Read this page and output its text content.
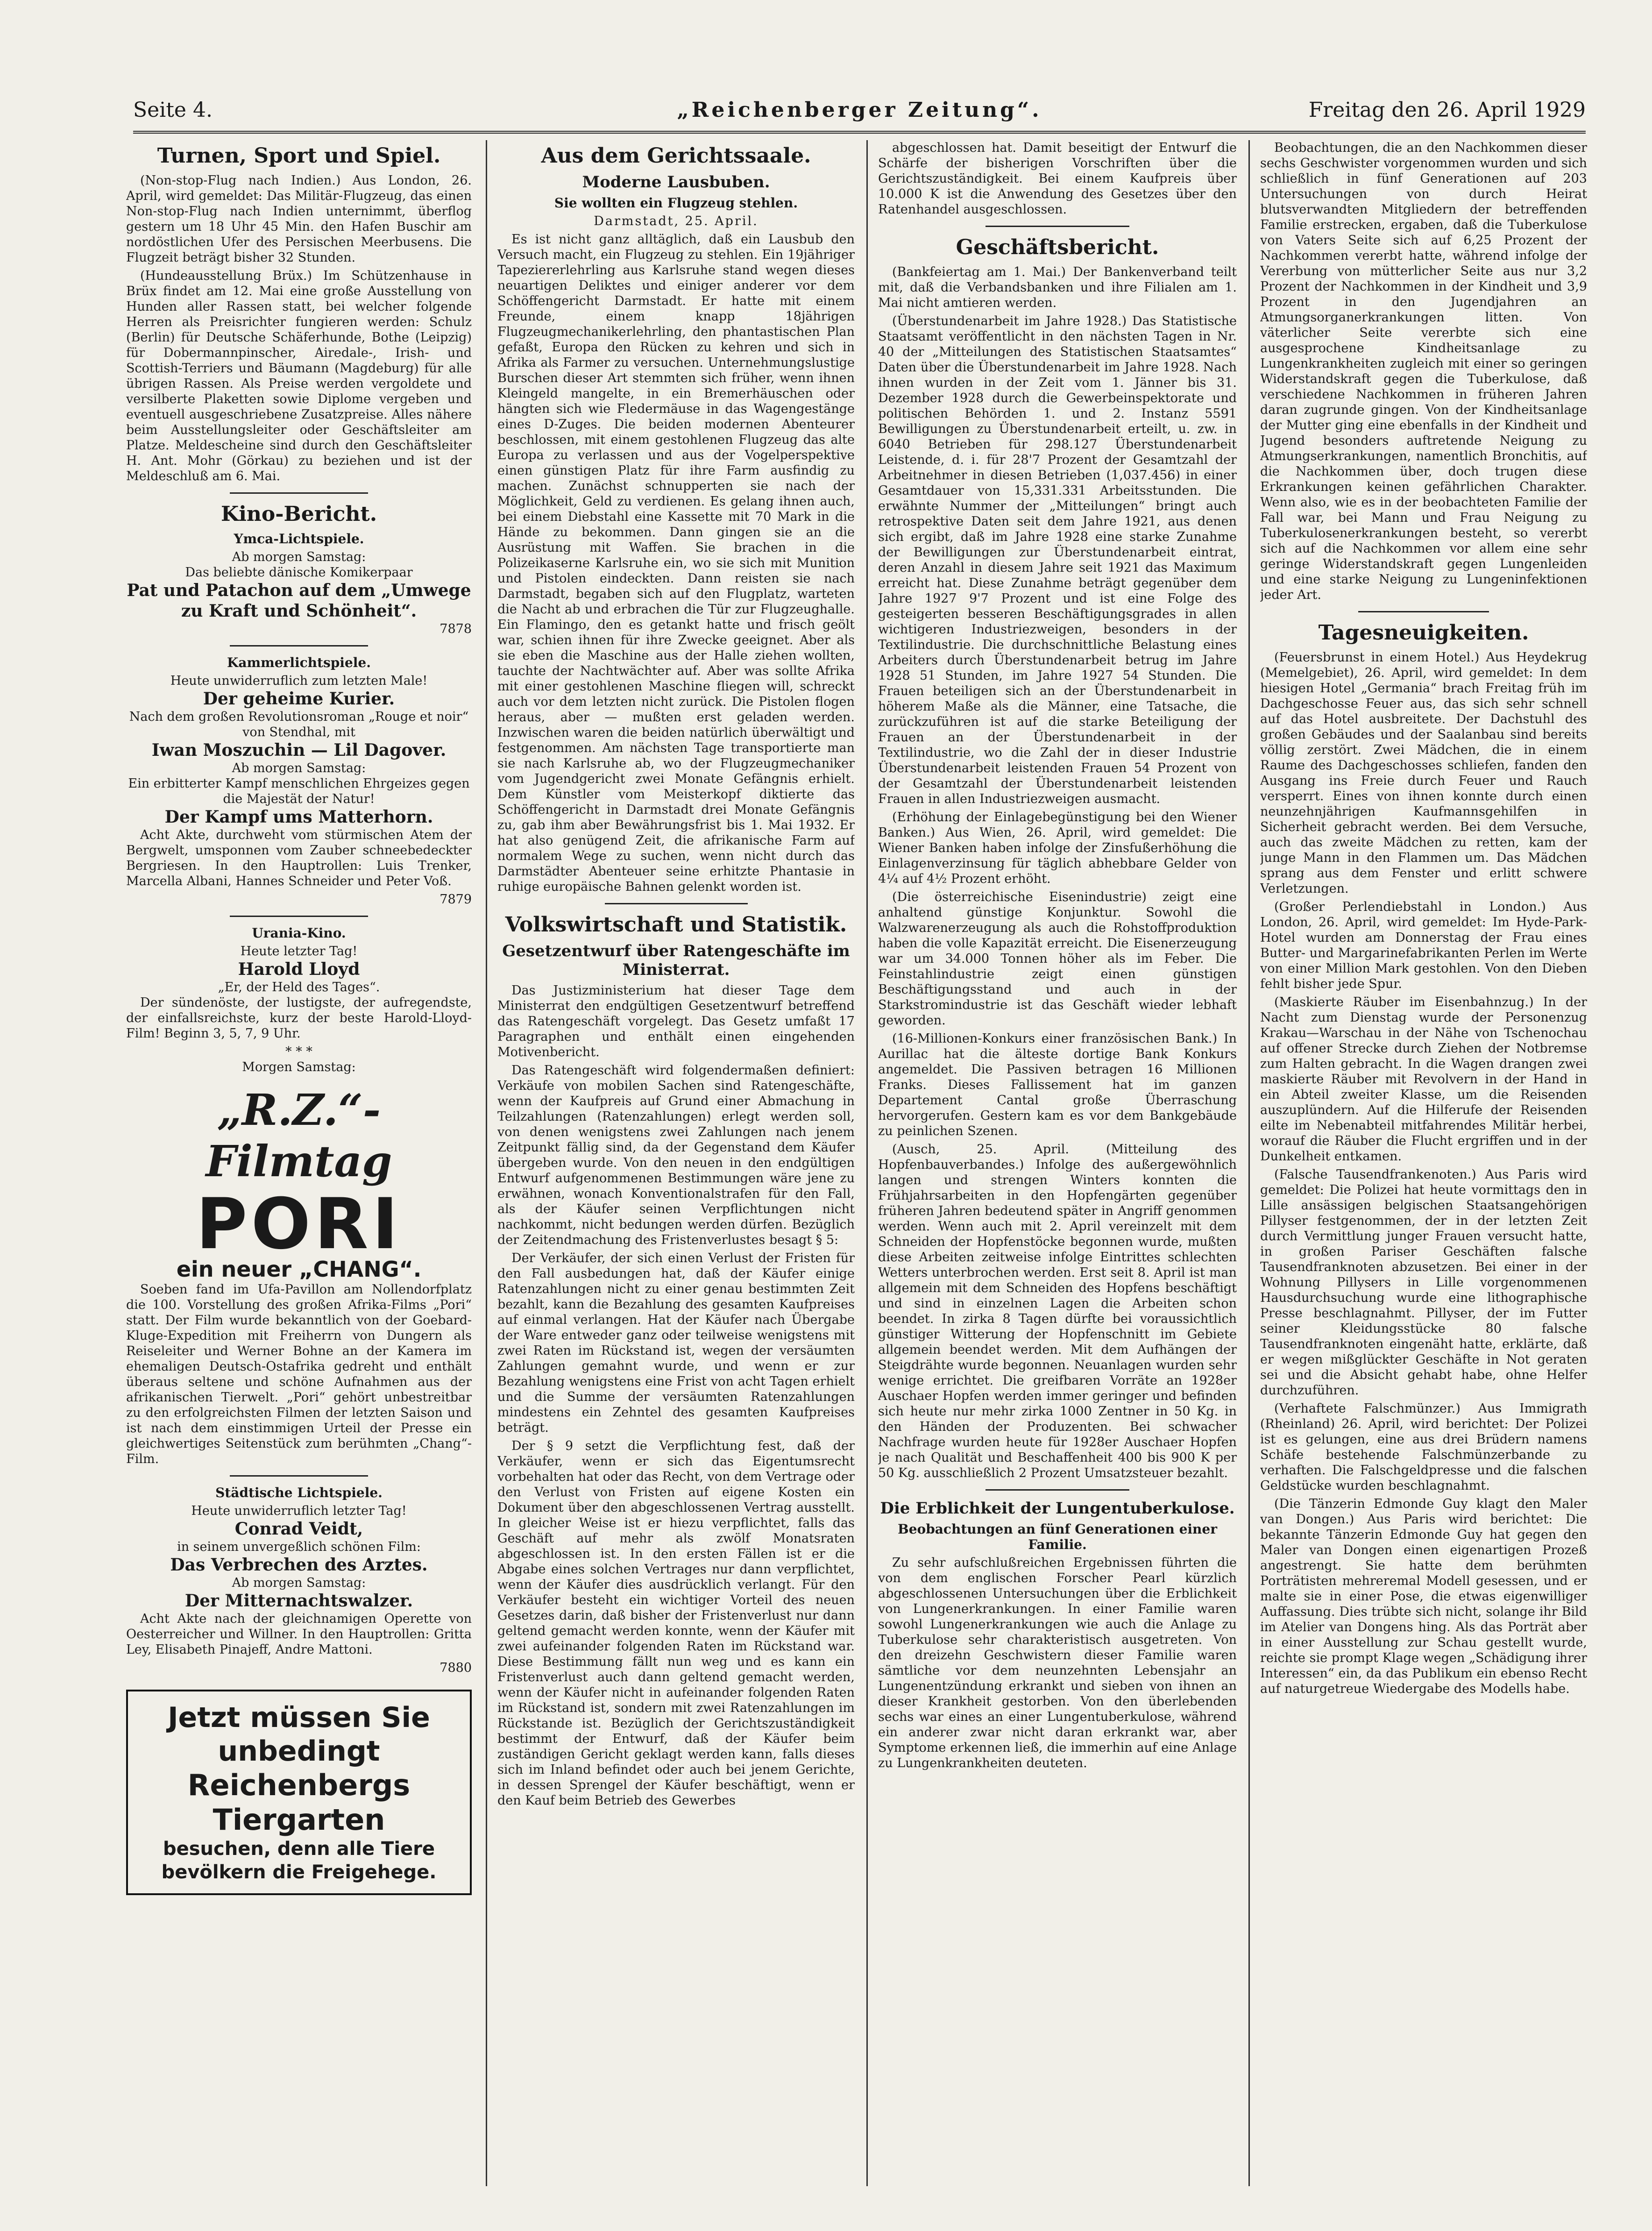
Seite 4.	„Reichenberger Zeitung“.	Freitag den 26. April 1929
Turnen, Sport und Spiel.

(Non-stop-Flug nach Indien.) Aus London, 26. April, wird gemeldet: Das Militär-Flugzeug, das einen Non-stop-Flug nach Indien unternimmt, überflog gestern um 18 Uhr 45 Min. den Hafen Buschir am nordöstlichen Ufer des Persischen Meerbusens. Die Flugzeit beträgt bisher 32 Stunden.

(Hundeausstellung Brüx.) Im Schützenhause in Brüx findet am 12. Mai eine große Ausstellung von Hunden aller Rassen statt, bei welcher folgende Herren als Preisrichter fungieren werden: Schulz (Berlin) für Deutsche Schäferhunde, Bothe (Leipzig) für Dobermannpinscher, Airedale-, Irish- und Scottish-Terriers und Bäumann (Magdeburg) für alle übrigen Rassen. Als Preise werden vergoldete und versilberte Plaketten sowie Diplome vergeben und eventuell ausgeschriebene Zusatzpreise. Alles nähere beim Ausstellungsleiter oder Geschäftsleiter am Platze. Meldescheine sind durch den Geschäftsleiter H. Ant. Mohr (Görkau) zu beziehen und ist der Meldeschluß am 6. Mai.

Kino-Bericht.
Ymca-Lichtspiele.
Ab morgen Samstag:
Das beliebte dänische Komikerpaar
Pat und Patachon auf dem „Umwege zu Kraft und Schönheit“.
7878
Kammerlichtspiele.
Heute unwiderruflich zum letzten Male!
Der geheime Kurier.
Nach dem großen Revolutionsroman „Rouge et noir“ von Stendhal, mit
Iwan Moszuchin — Lil Dagover.
Ab morgen Samstag:
Ein erbitterter Kampf menschlichen Ehrgeizes gegen die Majestät der Natur!
Der Kampf ums Matterhorn.

Acht Akte, durchweht vom stürmischen Atem der Bergwelt, umsponnen vom Zauber schneebedeckter Bergriesen. In den Hauptrollen: Luis Trenker, Marcella Albani, Hannes Schneider und Peter Voß.

7879
Urania-Kino.
Heute letzter Tag!
Harold Lloyd
„Er, der Held des Tages“.

Der sündenöste, der lustigste, der aufregendste, der einfallsreichste, kurz der beste Harold-Lloyd-Film! Beginn 3, 5, 7, 9 Uhr.

* * *
Morgen Samstag:
„R.Z.“-Filmtag
PORI
ein neuer „CHANG“.

Soeben fand im Ufa-Pavillon am Nollendorfplatz die 100. Vorstellung des großen Afrika-Films „Pori“ statt. Der Film wurde bekanntlich von der Goebard-Kluge-Expedition mit Freiherrn von Dungern als Reiseleiter und Werner Bohne an der Kamera im ehemaligen Deutsch-Ostafrika gedreht und enthält überaus seltene und schöne Aufnahmen aus der afrikanischen Tierwelt. „Pori“ gehört unbestreitbar zu den erfolgreichsten Filmen der letzten Saison und ist nach dem einstimmigen Urteil der Presse ein gleichwertiges Seitenstück zum berühmten „Chang“-Film.

Städtische Lichtspiele.
Heute unwiderruflich letzter Tag!
Conrad Veidt,
in seinem unvergeßlich schönen Film:
Das Verbrechen des Arztes.
Ab morgen Samstag:
Der Mitternachtswalzer.

Acht Akte nach der gleichnamigen Operette von Oesterreicher und Willner. In den Hauptrollen: Gritta Ley, Elisabeth Pinajeff, Andre Mattoni.

7880
Jetzt müssen Sie unbedingt
Reichenbergs Tiergarten
besuchen, denn alle Tiere bevölkern die Freigehege.
Aus dem Gerichtssaale.
Moderne Lausbuben.
Sie wollten ein Flugzeug stehlen.
Darmstadt, 25. April.

Es ist nicht ganz alltäglich, daß ein Lausbub den Versuch macht, ein Flugzeug zu stehlen. Ein 19jähriger Tapeziererlehrling aus Karlsruhe stand wegen dieses neuartigen Deliktes und einiger anderer vor dem Schöffengericht Darmstadt. Er hatte mit einem Freunde, einem knapp 18jährigen Flugzeugmechanikerlehrling, den phantastischen Plan gefaßt, Europa den Rücken zu kehren und sich in Afrika als Farmer zu versuchen. Unternehmungslustige Burschen dieser Art stemmten sich früher, wenn ihnen Kleingeld mangelte, in ein Bremerhäuschen oder hängten sich wie Fledermäuse in das Wagengestänge eines D-Zuges. Die beiden modernen Abenteurer beschlossen, mit einem gestohlenen Flugzeug das alte Europa zu verlassen und aus der Vogelperspektive einen günstigen Platz für ihre Farm ausfindig zu machen. Zunächst schnupperten sie nach der Möglichkeit, Geld zu verdienen. Es gelang ihnen auch, bei einem Diebstahl eine Kassette mit 70 Mark in die Hände zu bekommen. Dann gingen sie an die Ausrüstung mit Waffen. Sie brachen in die Polizeikaserne Karlsruhe ein, wo sie sich mit Munition und Pistolen eindeckten. Dann reisten sie nach Darmstadt, begaben sich auf den Flugplatz, warteten die Nacht ab und erbrachen die Tür zur Flugzeughalle. Ein Flamingo, den es getankt hatte und frisch geölt war, schien ihnen für ihre Zwecke geeignet. Aber als sie eben die Maschine aus der Halle ziehen wollten, tauchte der Nachtwächter auf. Aber was sollte Afrika mit einer gestohlenen Maschine fliegen will, schreckt auch vor dem letzten nicht zurück. Die Pistolen flogen heraus, aber — mußten erst geladen werden. Inzwischen waren die beiden natürlich überwältigt und festgenommen. Am nächsten Tage transportierte man sie nach Karlsruhe ab, wo der Flugzeugmechaniker vom Jugendgericht zwei Monate Gefängnis erhielt. Dem Künstler vom Meisterkopf diktierte das Schöffengericht in Darmstadt drei Monate Gefängnis zu, gab ihm aber Bewährungsfrist bis 1. Mai 1932. Er hat also genügend Zeit, die afrikanische Farm auf normalem Wege zu suchen, wenn nicht durch das Darmstädter Abenteuer seine erhitzte Phantasie in ruhige europäische Bahnen gelenkt worden ist.

Volkswirtschaft und Statistik.
Gesetzentwurf über Ratengeschäfte im Ministerrat.

Das Justizministerium hat dieser Tage dem Ministerrat den endgültigen Gesetzentwurf betreffend das Ratengeschäft vorgelegt. Das Gesetz umfaßt 17 Paragraphen und enthält einen eingehenden Motivenbericht.

Das Ratengeschäft wird folgendermaßen definiert: Verkäufe von mobilen Sachen sind Ratengeschäfte, wenn der Kaufpreis auf Grund einer Abmachung in Teilzahlungen (Ratenzahlungen) erlegt werden soll, von denen wenigstens zwei Zahlungen nach jenem Zeitpunkt fällig sind, da der Gegenstand dem Käufer übergeben wurde. Von den neuen in den endgültigen Entwurf aufgenommenen Bestimmungen wäre jene zu erwähnen, wonach Konventionalstrafen für den Fall, als der Käufer seinen Verpflichtungen nicht nachkommt, nicht bedungen werden dürfen. Bezüglich der Zeitendmachung des Fristenverlustes besagt § 5:

Der Verkäufer, der sich einen Verlust der Fristen für den Fall ausbedungen hat, daß der Käufer einige Ratenzahlungen nicht zu einer genau bestimmten Zeit bezahlt, kann die Bezahlung des gesamten Kaufpreises auf einmal verlangen. Hat der Käufer nach Übergabe der Ware entweder ganz oder teilweise wenigstens mit zwei Raten im Rückstand ist, wegen der versäumten Zahlungen gemahnt wurde, und wenn er zur Bezahlung wenigstens eine Frist von acht Tagen erhielt und die Summe der versäumten Ratenzahlungen mindestens ein Zehntel des gesamten Kaufpreises beträgt.

Der § 9 setzt die Verpflichtung fest, daß der Verkäufer, wenn er sich das Eigentumsrecht vorbehalten hat oder das Recht, von dem Vertrage oder den Verlust von Fristen auf eigene Kosten ein Dokument über den abgeschlossenen Vertrag ausstellt. In gleicher Weise ist er hiezu verpflichtet, falls das Geschäft auf mehr als zwölf Monatsraten abgeschlossen ist. In den ersten Fällen ist er die Abgabe eines solchen Vertrages nur dann verpflichtet, wenn der Käufer dies ausdrücklich verlangt. Für den Verkäufer besteht ein wichtiger Vorteil des neuen Gesetzes darin, daß bisher der Fristenverlust nur dann geltend gemacht werden konnte, wenn der Käufer mit zwei aufeinander folgenden Raten im Rückstand war. Diese Bestimmung fällt nun weg und es kann ein Fristenverlust auch dann geltend gemacht werden, wenn der Käufer nicht in aufeinander folgenden Raten im Rückstand ist, sondern mit zwei Ratenzahlungen im Rückstande ist. Bezüglich der Gerichtszuständigkeit bestimmt der Entwurf, daß der Käufer beim zuständigen Gericht geklagt werden kann, falls dieses sich im Inland befindet oder auch bei jenem Gerichte, in dessen Sprengel der Käufer beschäftigt, wenn er den Kauf beim Betrieb des Gewerbes

abgeschlossen hat. Damit beseitigt der Entwurf die Schärfe der bisherigen Vorschriften über die Gerichtszuständigkeit. Bei einem Kaufpreis über 10.000 K ist die Anwendung des Gesetzes über den Ratenhandel ausgeschlossen.

Geschäftsbericht.

(Bankfeiertag am 1. Mai.) Der Bankenverband teilt mit, daß die Verbandsbanken und ihre Filialen am 1. Mai nicht amtieren werden.

(Überstundenarbeit im Jahre 1928.) Das Statistische Staatsamt veröffentlicht in den nächsten Tagen in Nr. 40 der „Mitteilungen des Statistischen Staatsamtes“ Daten über die Überstundenarbeit im Jahre 1928. Nach ihnen wurden in der Zeit vom 1. Jänner bis 31. Dezember 1928 durch die Gewerbeinspektorate und politischen Behörden 1. und 2. Instanz 5591 Bewilligungen zu Überstundenarbeit erteilt, u. zw. in 6040 Betrieben für 298.127 Überstundenarbeit Leistende, d. i. für 28'7 Prozent der Gesamtzahl der Arbeitnehmer in diesen Betrieben (1,037.456) in einer Gesamtdauer von 15,331.331 Arbeitsstunden. Die erwähnte Nummer der „Mitteilungen“ bringt auch retrospektive Daten seit dem Jahre 1921, aus denen sich ergibt, daß im Jahre 1928 eine starke Zunahme der Bewilligungen zur Überstundenarbeit eintrat, deren Anzahl in diesem Jahre seit 1921 das Maximum erreicht hat. Diese Zunahme beträgt gegenüber dem Jahre 1927 9'7 Prozent und ist eine Folge des gesteigerten besseren Beschäftigungsgrades in allen wichtigeren Industriezweigen, besonders in der Textilindustrie. Die durchschnittliche Belastung eines Arbeiters durch Überstundenarbeit betrug im Jahre 1928 51 Stunden, im Jahre 1927 54 Stunden. Die Frauen beteiligen sich an der Überstundenarbeit in höherem Maße als die Männer, eine Tatsache, die zurückzuführen ist auf die starke Beteiligung der Frauen an der Überstundenarbeit in der Textilindustrie, wo die Zahl der in dieser Industrie Überstundenarbeit leistenden Frauen 54 Prozent von der Gesamtzahl der Überstundenarbeit leistenden Frauen in allen Industriezweigen ausmacht.

(Erhöhung der Einlagebegünstigung bei den Wiener Banken.) Aus Wien, 26. April, wird gemeldet: Die Wiener Banken haben infolge der Zinsfußerhöhung die Einlagenverzinsung für täglich abhebbare Gelder von 4¼ auf 4½ Prozent erhöht.

(Die österreichische Eisenindustrie) zeigt eine anhaltend günstige Konjunktur. Sowohl die Walzwarenerzeugung als auch die Rohstoffproduktion haben die volle Kapazität erreicht. Die Eisenerzeugung war um 34.000 Tonnen höher als im Feber. Die Feinstahlindustrie zeigt einen günstigen Beschäftigungsstand und auch in der Starkstromindustrie ist das Geschäft wieder lebhaft geworden.

(16-Millionen-Konkurs einer französischen Bank.) In Aurillac hat die älteste dortige Bank Konkurs angemeldet. Die Passiven betragen 16 Millionen Franks. Dieses Fallissement hat im ganzen Departement Cantal große Überraschung hervorgerufen. Gestern kam es vor dem Bankgebäude zu peinlichen Szenen.

(Ausch, 25. April. (Mitteilung des Hopfenbauverbandes.) Infolge des außergewöhnlich langen und strengen Winters konnten die Frühjahrsarbeiten in den Hopfengärten gegenüber früheren Jahren bedeutend später in Angriff genommen werden. Wenn auch mit 2. April vereinzelt mit dem Schneiden der Hopfenstöcke begonnen wurde, mußten diese Arbeiten zeitweise infolge Eintrittes schlechten Wetters unterbrochen werden. Erst seit 8. April ist man allgemein mit dem Schneiden des Hopfens beschäftigt und sind in einzelnen Lagen die Arbeiten schon beendet. In zirka 8 Tagen dürfte bei voraussichtlich günstiger Witterung der Hopfenschnitt im Gebiete allgemein beendet werden. Mit dem Aufhängen der Steigdrähte wurde begonnen. Neuanlagen wurden sehr wenige errichtet. Die greifbaren Vorräte an 1928er Auschaer Hopfen werden immer geringer und befinden sich heute nur mehr zirka 1000 Zentner in 50 Kg. in den Händen der Produzenten. Bei schwacher Nachfrage wurden heute für 1928er Auschaer Hopfen je nach Qualität und Beschaffenheit 400 bis 900 K per 50 Kg. ausschließlich 2 Prozent Umsatzsteuer bezahlt.

Die Erblichkeit der Lungentuberkulose.
Beobachtungen an fünf Generationen einer Familie.

Zu sehr aufschlußreichen Ergebnissen führten die von dem englischen Forscher Pearl kürzlich abgeschlossenen Untersuchungen über die Erblichkeit von Lungenerkrankungen. In einer Familie waren sowohl Lungenerkrankungen wie auch die Anlage zu Tuberkulose sehr charakteristisch ausgetreten. Von den dreizehn Geschwistern dieser Familie waren sämtliche vor dem neunzehnten Lebensjahr an Lungenentzündung erkrankt und sieben von ihnen an dieser Krankheit gestorben. Von den überlebenden sechs war eines an einer Lungentuberkulose, während ein anderer zwar nicht daran erkrankt war, aber Symptome erkennen ließ, die immerhin auf eine Anlage zu Lungenkrankheiten deuteten.

Beobachtungen, die an den Nachkommen dieser sechs Geschwister vorgenommen wurden und sich schließlich in fünf Generationen auf 203 Untersuchungen von durch Heirat blutsverwandten Mitgliedern der betreffenden Familie erstrecken, ergaben, daß die Tuberkulose von Vaters Seite sich auf 6,25 Prozent der Nachkommen vererbt hatte, während infolge der Vererbung von mütterlicher Seite aus nur 3,2 Prozent der Nachkommen in der Kindheit und 3,9 Prozent in den Jugendjahren an Atmungsorganerkrankungen litten. Von väterlicher Seite vererbte sich eine ausgesprochene Kindheitsanlage zu Lungenkrankheiten zugleich mit einer so geringen Widerstandskraft gegen die Tuberkulose, daß verschiedene Nachkommen in früheren Jahren daran zugrunde gingen. Von der Kindheitsanlage der Mutter ging eine ebenfalls in der Kindheit und Jugend besonders auftretende Neigung zu Atmungserkrankungen, namentlich Bronchitis, auf die Nachkommen über, doch trugen diese Erkrankungen keinen gefährlichen Charakter. Wenn also, wie es in der beobachteten Familie der Fall war, bei Mann und Frau Neigung zu Tuberkulosenerkrankungen besteht, so vererbt sich auf die Nachkommen vor allem eine sehr geringe Widerstandskraft gegen Lungenleiden und eine starke Neigung zu Lungeninfektionen jeder Art.

Tagesneuigkeiten.

(Feuersbrunst in einem Hotel.) Aus Heydekrug (Memelgebiet), 26. April, wird gemeldet: In dem hiesigen Hotel „Germania“ brach Freitag früh im Dachgeschosse Feuer aus, das sich sehr schnell auf das Hotel ausbreitete. Der Dachstuhl des großen Gebäudes und der Saalanbau sind bereits völlig zerstört. Zwei Mädchen, die in einem Raume des Dachgeschosses schliefen, fanden den Ausgang ins Freie durch Feuer und Rauch versperrt. Eines von ihnen konnte durch einen neunzehnjährigen Kaufmannsgehilfen in Sicherheit gebracht werden. Bei dem Versuche, auch das zweite Mädchen zu retten, kam der junge Mann in den Flammen um. Das Mädchen sprang aus dem Fenster und erlitt schwere Verletzungen.

(Großer Perlendiebstahl in London.) Aus London, 26. April, wird gemeldet: Im Hyde-Park-Hotel wurden am Donnerstag der Frau eines Butter- und Margarinefabrikanten Perlen im Werte von einer Million Mark gestohlen. Von den Dieben fehlt bisher jede Spur.

(Maskierte Räuber im Eisenbahnzug.) In der Nacht zum Dienstag wurde der Personenzug Krakau—Warschau in der Nähe von Tschenochau auf offener Strecke durch Ziehen der Notbremse zum Halten gebracht. In die Wagen drangen zwei maskierte Räuber mit Revolvern in der Hand in ein Abteil zweiter Klasse, um die Reisenden auszuplündern. Auf die Hilferufe der Reisenden eilte im Nebenabteil mitfahrendes Militär herbei, worauf die Räuber die Flucht ergriffen und in der Dunkelheit entkamen.

(Falsche Tausendfrankenoten.) Aus Paris wird gemeldet: Die Polizei hat heute vormittags den in Lille ansässigen belgischen Staatsangehörigen Pillyser festgenommen, der in der letzten Zeit durch Vermittlung junger Frauen versucht hatte, in großen Pariser Geschäften falsche Tausendfranknoten abzusetzen. Bei einer in der Wohnung Pillysers in Lille vorgenommenen Hausdurchsuchung wurde eine lithographische Presse beschlagnahmt. Pillyser, der im Futter seiner Kleidungsstücke 80 falsche Tausendfranknoten eingenäht hatte, erklärte, daß er wegen mißglückter Geschäfte in Not geraten sei und die Absicht gehabt habe, ohne Helfer durchzuführen.

(Verhaftete Falschmünzer.) Aus Immigrath (Rheinland) 26. April, wird berichtet: Der Polizei ist es gelungen, eine aus drei Brüdern namens Schäfe bestehende Falschmünzerbande zu verhaften. Die Falschgeldpresse und die falschen Geldstücke wurden beschlagnahmt.

(Die Tänzerin Edmonde Guy klagt den Maler van Dongen.) Aus Paris wird berichtet: Die bekannte Tänzerin Edmonde Guy hat gegen den Maler van Dongen einen eigenartigen Prozeß angestrengt. Sie hatte dem berühmten Porträtisten mehreremal Modell gesessen, und er malte sie in einer Pose, die etwas eigenwilliger Auffassung. Dies trübte sich nicht, solange ihr Bild im Atelier van Dongens hing. Als das Porträt aber in einer Ausstellung zur Schau gestellt wurde, reichte sie prompt Klage wegen „Schädigung ihrer Interessen“ ein, da das Publikum ein ebenso Recht auf naturgetreue Wiedergabe des Modells habe.
